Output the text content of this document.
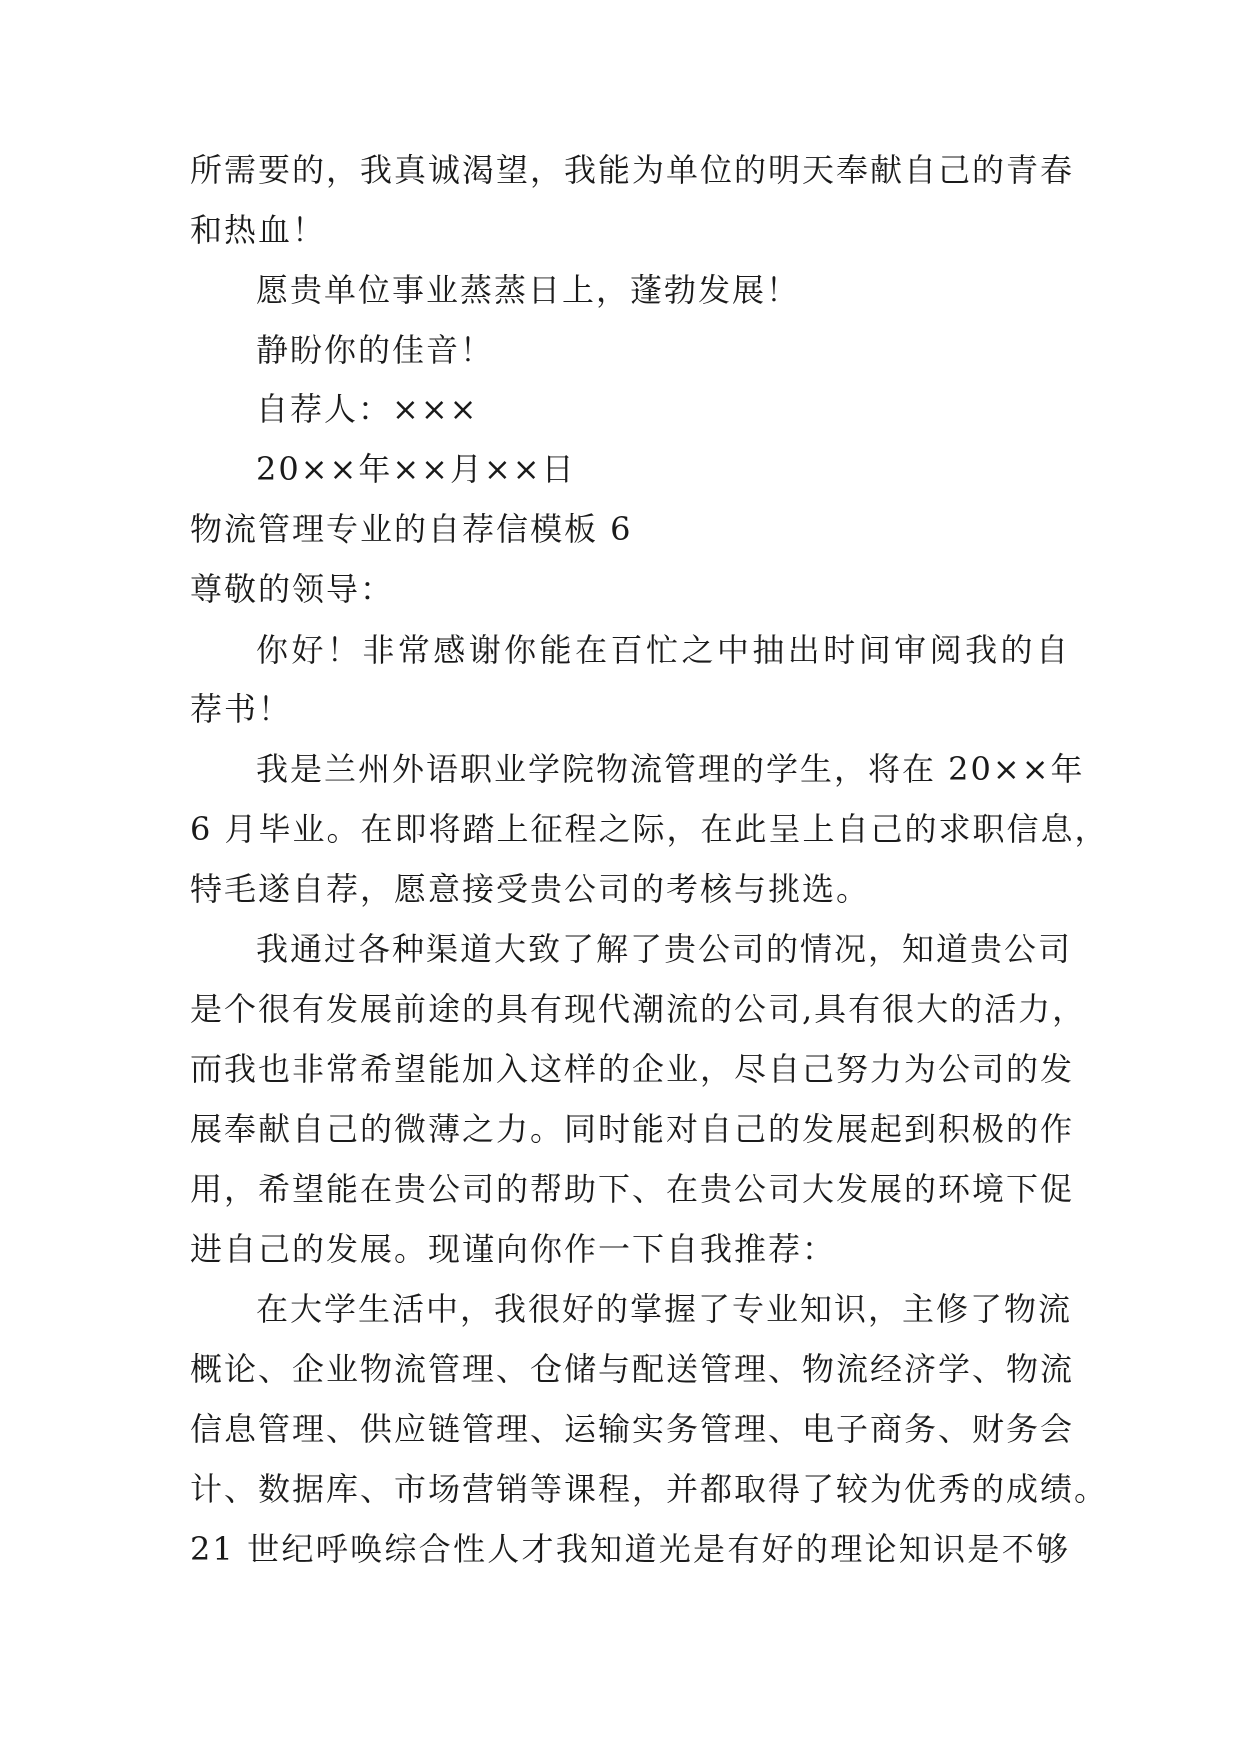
所需要的，我真诚渴望，我能为单位的明天奉献自己的青春
和热血！
愿贵单位事业蒸蒸日上，蓬勃发展！
静盼你的佳音！
自荐人：×××
20××年××月××日
物流管理专业的自荐信模板 6
尊敬的领导：
你好！非常感谢你能在百忙之中抽出时间审阅我的自
荐书！
我是兰州外语职业学院物流管理的学生，将在 20××年
6 月毕业。在即将踏上征程之际，在此呈上自己的求职信息，
特毛遂自荐，愿意接受贵公司的考核与挑选。
我通过各种渠道大致了解了贵公司的情况，知道贵公司
是个很有发展前途的具有现代潮流的公司,具有很大的活力，
而我也非常希望能加入这样的企业，尽自己努力为公司的发
展奉献自己的微薄之力。同时能对自己的发展起到积极的作
用，希望能在贵公司的帮助下、在贵公司大发展的环境下促
进自己的发展。现谨向你作一下自我推荐：
在大学生活中，我很好的掌握了专业知识，主修了物流
概论、企业物流管理、仓储与配送管理、物流经济学、物流
信息管理、供应链管理、运输实务管理、电子商务、财务会
计、数据库、市场营销等课程，并都取得了较为优秀的成绩。
21 世纪呼唤综合性人才我知道光是有好的理论知识是不够
